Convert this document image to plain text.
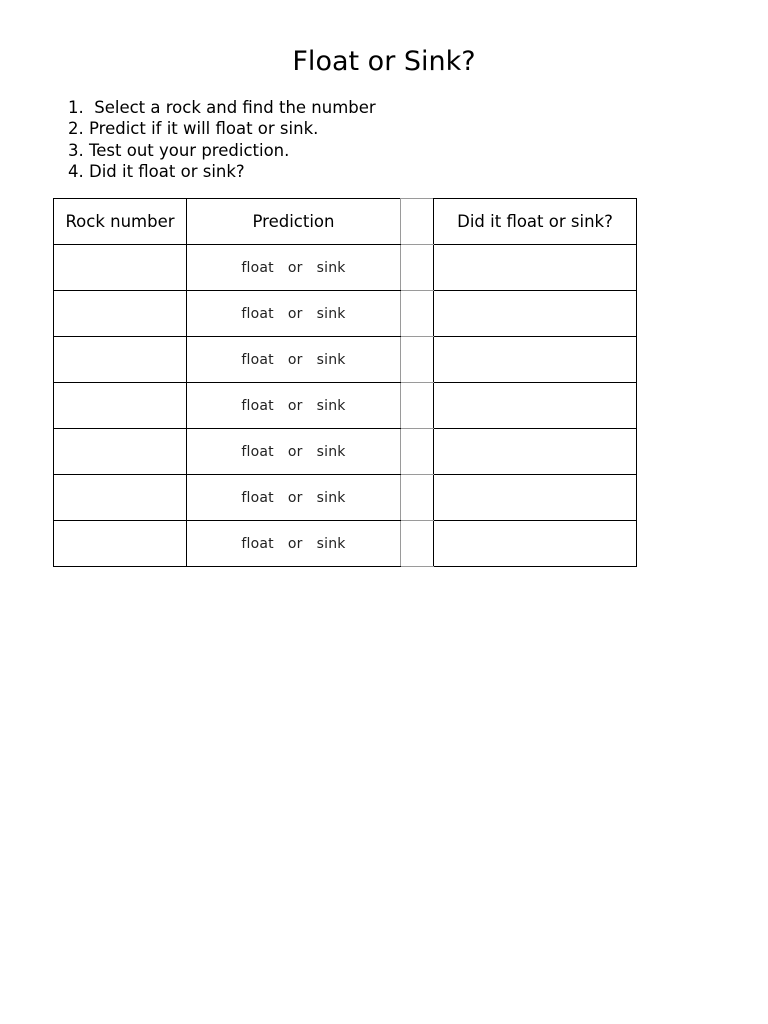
Float or Sink?
1.  Select a rock and find the number
2. Predict if it will float or sink.
3. Test out your prediction.
4. Did it float or sink?
Rock number	Prediction		Did it float or sink?
	float or sink		
	float or sink		
	float or sink		
	float or sink		
	float or sink		
	float or sink		
	float or sink		
